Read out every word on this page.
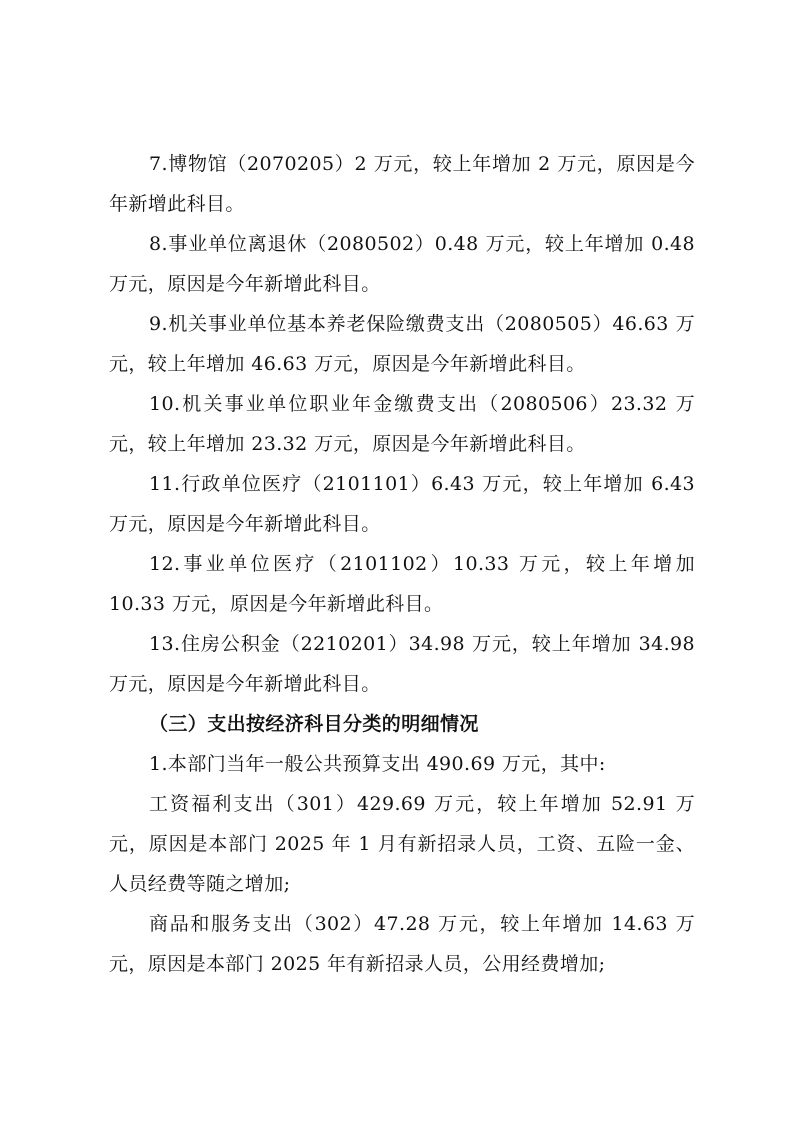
7.博物馆（2070205）2 万元，较上年增加 2 万元，原因是今年新增此科目。

8.事业单位离退休（2080502）0.48 万元，较上年增加 0.48 万元，原因是今年新增此科目。

9.机关事业单位基本养老保险缴费支出（2080505）46.63 万元，较上年增加 46.63 万元，原因是今年新增此科目。

10.机关事业单位职业年金缴费支出（2080506）23.32 万元，较上年增加 23.32 万元，原因是今年新增此科目。

11.行政单位医疗（2101101）6.43 万元，较上年增加 6.43 万元，原因是今年新增此科目。

12.事业单位医疗（2101102）10.33 万元，较上年增加 10.33 万元，原因是今年新增此科目。

13.住房公积金（2210201）34.98 万元，较上年增加 34.98 万元，原因是今年新增此科目。

（三）支出按经济科目分类的明细情况

1.本部门当年一般公共预算支出 490.69 万元，其中:

工资福利支出（301）429.69 万元，较上年增加 52.91 万元，原因是本部门 2025 年 1 月有新招录人员，工资、五险一金、人员经费等随之增加;

商品和服务支出（302）47.28 万元，较上年增加 14.63 万元，原因是本部门 2025 年有新招录人员，公用经费增加;
